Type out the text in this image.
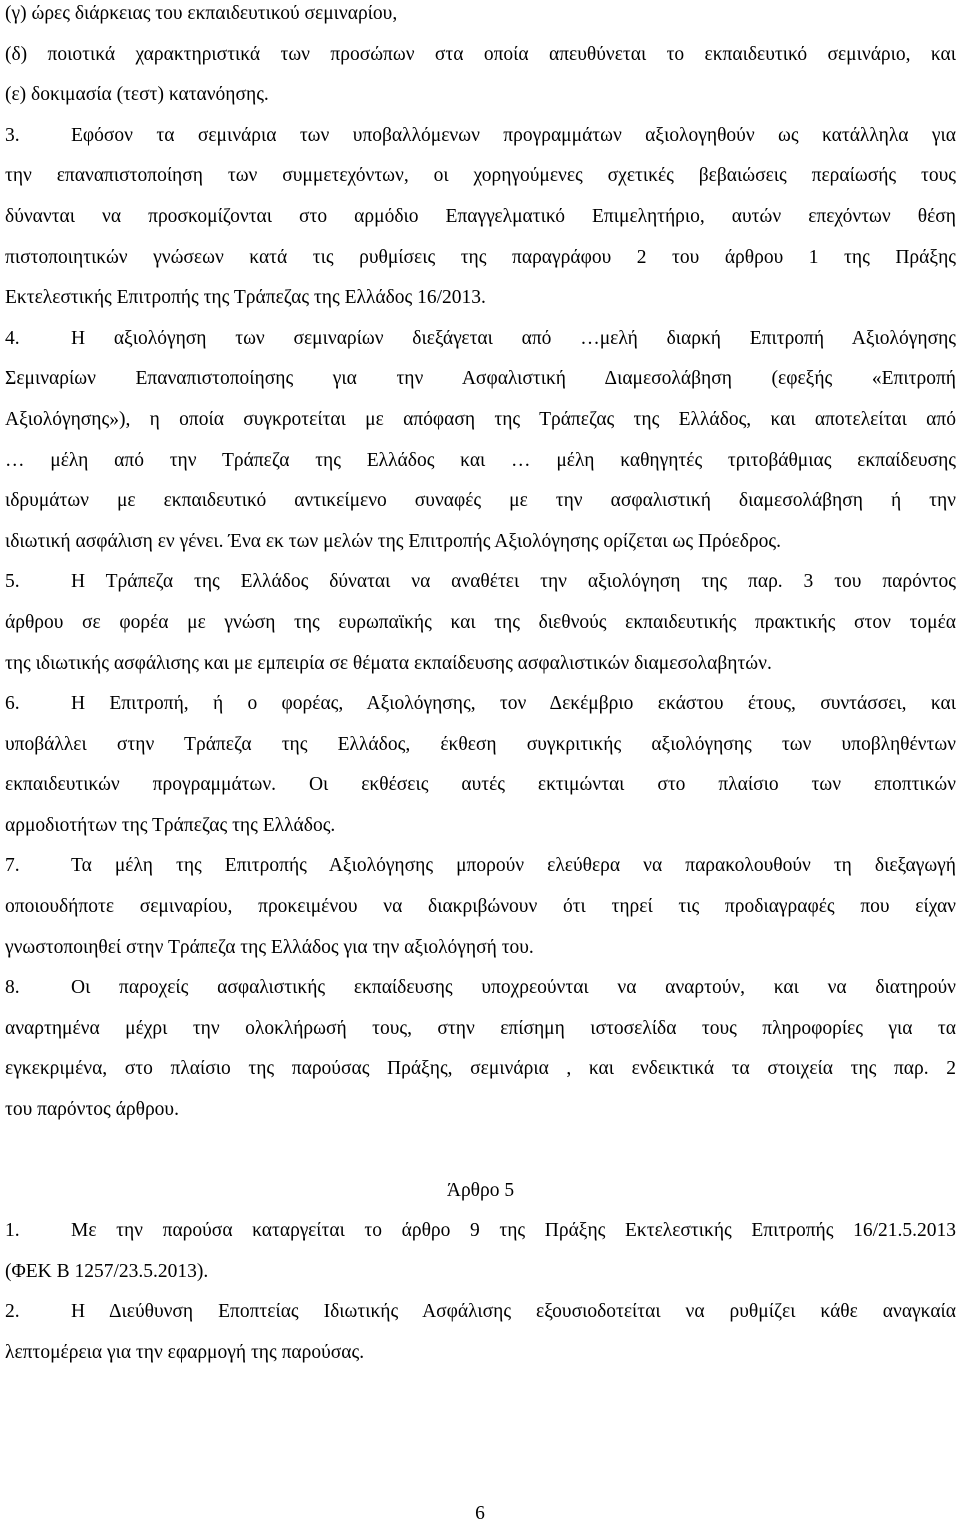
(γ) ώρες διάρκειας του εκπαιδευτικού σεμιναρίου,
(δ) ποιοτικά χαρακτηριστικά των προσώπων στα οποία απευθύνεται το εκπαιδευτικό σεμινάριο, και
(ε) δοκιμασία (τεστ) κατανόησης.
3.	Εφόσον τα σεμινάρια των υποβαλλόμενων προγραμμάτων αξιολογηθούν ως κατάλληλα για
την επαναπιστοποίηση των συμμετεχόντων, οι χορηγούμενες σχετικές βεβαιώσεις περαίωσής τους
δύνανται να προσκομίζονται στο αρμόδιο Επαγγελματικό Επιμελητήριο, αυτών επεχόντων θέση
πιστοποιητικών γνώσεων κατά τις ρυθμίσεις της παραγράφου 2 του άρθρου 1 της Πράξης
Εκτελεστικής Επιτροπής της Τράπεζας της Ελλάδος 16/2013.
4.	Η αξιολόγηση των σεμιναρίων διεξάγεται από …μελή διαρκή Επιτροπή Αξιολόγησης
Σεμιναρίων Επαναπιστοποίησης για την Ασφαλιστική Διαμεσολάβηση (εφεξής «Επιτροπή
Αξιολόγησης»), η οποία συγκροτείται με απόφαση της Τράπεζας της Ελλάδος, και αποτελείται από
… μέλη από την Τράπεζα της Ελλάδος και … μέλη καθηγητές τριτοβάθμιας εκπαίδευσης
ιδρυμάτων με εκπαιδευτικό αντικείμενο συναφές με την ασφαλιστική διαμεσολάβηση ή την
ιδιωτική ασφάλιση εν γένει. Ένα εκ των μελών της Επιτροπής Αξιολόγησης ορίζεται ως Πρόεδρος.
5.	Η Τράπεζα της Ελλάδος δύναται να αναθέτει την αξιολόγηση της παρ. 3 του παρόντος
άρθρου σε φορέα με γνώση της ευρωπαϊκής και της διεθνούς εκπαιδευτικής πρακτικής στον τομέα
της ιδιωτικής ασφάλισης και με εμπειρία σε θέματα εκπαίδευσης ασφαλιστικών διαμεσολαβητών.
6.	Η Επιτροπή, ή ο φορέας, Αξιολόγησης, τον Δεκέμβριο εκάστου έτους, συντάσσει, και
υποβάλλει στην Τράπεζα της Ελλάδος, έκθεση συγκριτικής αξιολόγησης των υποβληθέντων
εκπαιδευτικών προγραμμάτων. Οι εκθέσεις αυτές εκτιμώνται στο πλαίσιο των εποπτικών
αρμοδιοτήτων της Τράπεζας της Ελλάδος.
7.	Τα μέλη της Επιτροπής Αξιολόγησης μπορούν ελεύθερα να παρακολουθούν τη διεξαγωγή
οποιουδήποτε σεμιναρίου, προκειμένου να διακριβώνουν ότι τηρεί τις προδιαγραφές που είχαν
γνωστοποιηθεί στην Τράπεζα της Ελλάδος για την αξιολόγησή του.
8.	Οι παροχείς ασφαλιστικής εκπαίδευσης υποχρεούνται να αναρτούν, και να διατηρούν
αναρτημένα μέχρι την ολοκλήρωσή τους, στην επίσημη ιστοσελίδα τους πληροφορίες για τα
εγκεκριμένα, στο πλαίσιο της παρούσας Πράξης, σεμινάρια , και ενδεικτικά τα στοιχεία της παρ. 2
του παρόντος άρθρου.
Άρθρο 5
1.	Με την παρούσα καταργείται το άρθρο 9 της Πράξης Εκτελεστικής Επιτροπής 16/21.5.2013
(ΦΕΚ Β 1257/23.5.2013).
2.	Η Διεύθυνση Εποπτείας Ιδιωτικής Ασφάλισης εξουσιοδοτείται να ρυθμίζει κάθε αναγκαία
λεπτομέρεια για την εφαρμογή της παρούσας.
6
